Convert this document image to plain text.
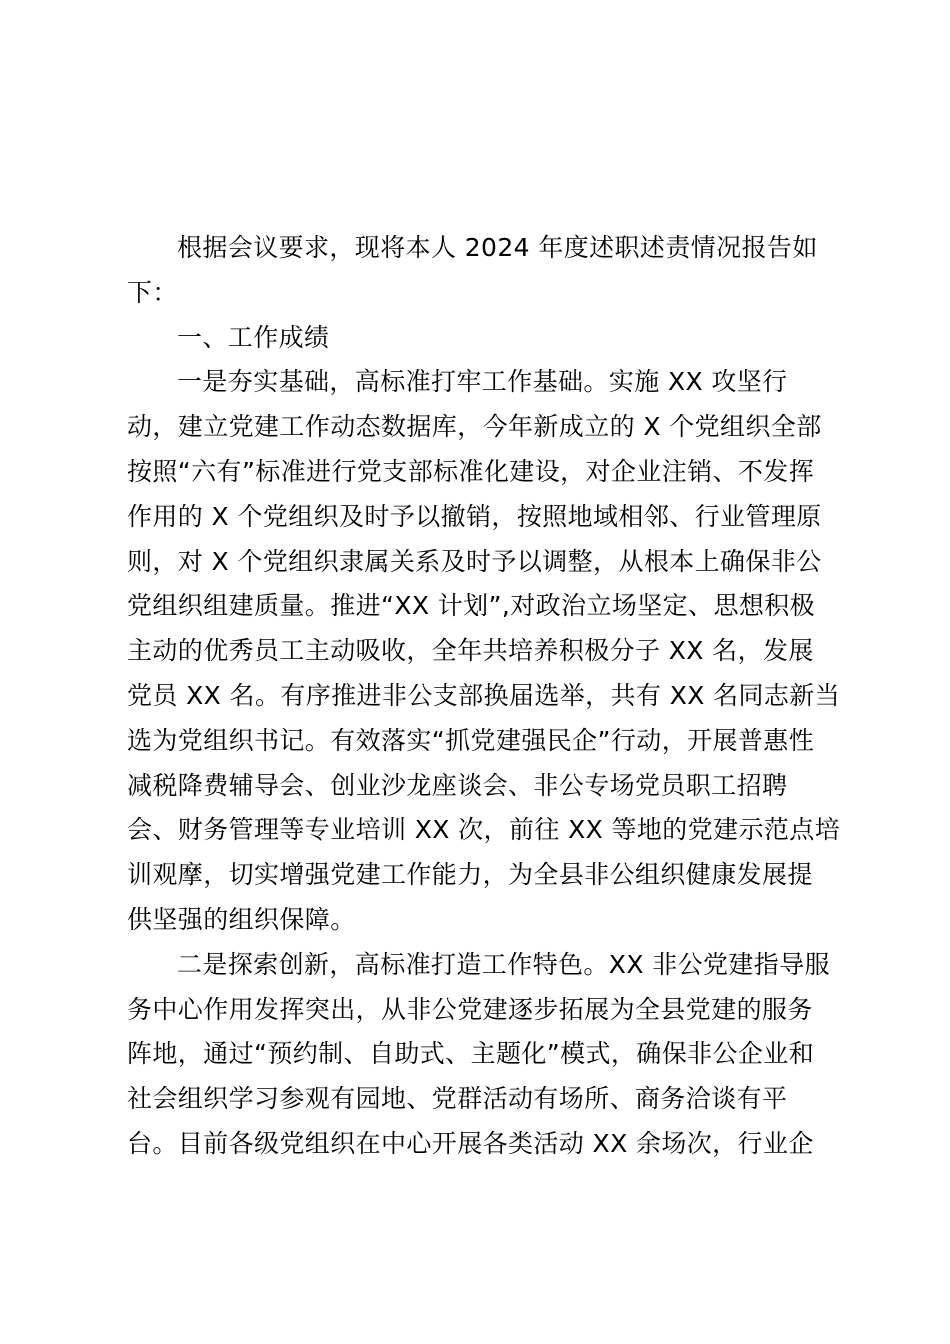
根据会议要求，现将本人 2024 年度述职述责情况报告如
下：
一、工作成绩
一是夯实基础，高标准打牢工作基础。实施 XX 攻坚行
动，建立党建工作动态数据库，今年新成立的 X 个党组织全部
按照“六有”标准进行党支部标准化建设，对企业注销、不发挥
作用的 X 个党组织及时予以撤销，按照地域相邻、行业管理原
则，对 X 个党组织隶属关系及时予以调整，从根本上确保非公
党组织组建质量。推进“XX 计划”,对政治立场坚定、思想积极
主动的优秀员工主动吸收，全年共培养积极分子 XX 名，发展
党员 XX 名。有序推进非公支部换届选举，共有 XX 名同志新当
选为党组织书记。有效落实“抓党建强民企”行动，开展普惠性
减税降费辅导会、创业沙龙座谈会、非公专场党员职工招聘
会、财务管理等专业培训 XX 次，前往 XX 等地的党建示范点培
训观摩，切实增强党建工作能力，为全县非公组织健康发展提
供坚强的组织保障。
二是探索创新，高标准打造工作特色。XX 非公党建指导服
务中心作用发挥突出，从非公党建逐步拓展为全县党建的服务
阵地，通过“预约制、自助式、主题化”模式，确保非公企业和
社会组织学习参观有园地、党群活动有场所、商务洽谈有平
台。目前各级党组织在中心开展各类活动 XX 余场次，行业企
